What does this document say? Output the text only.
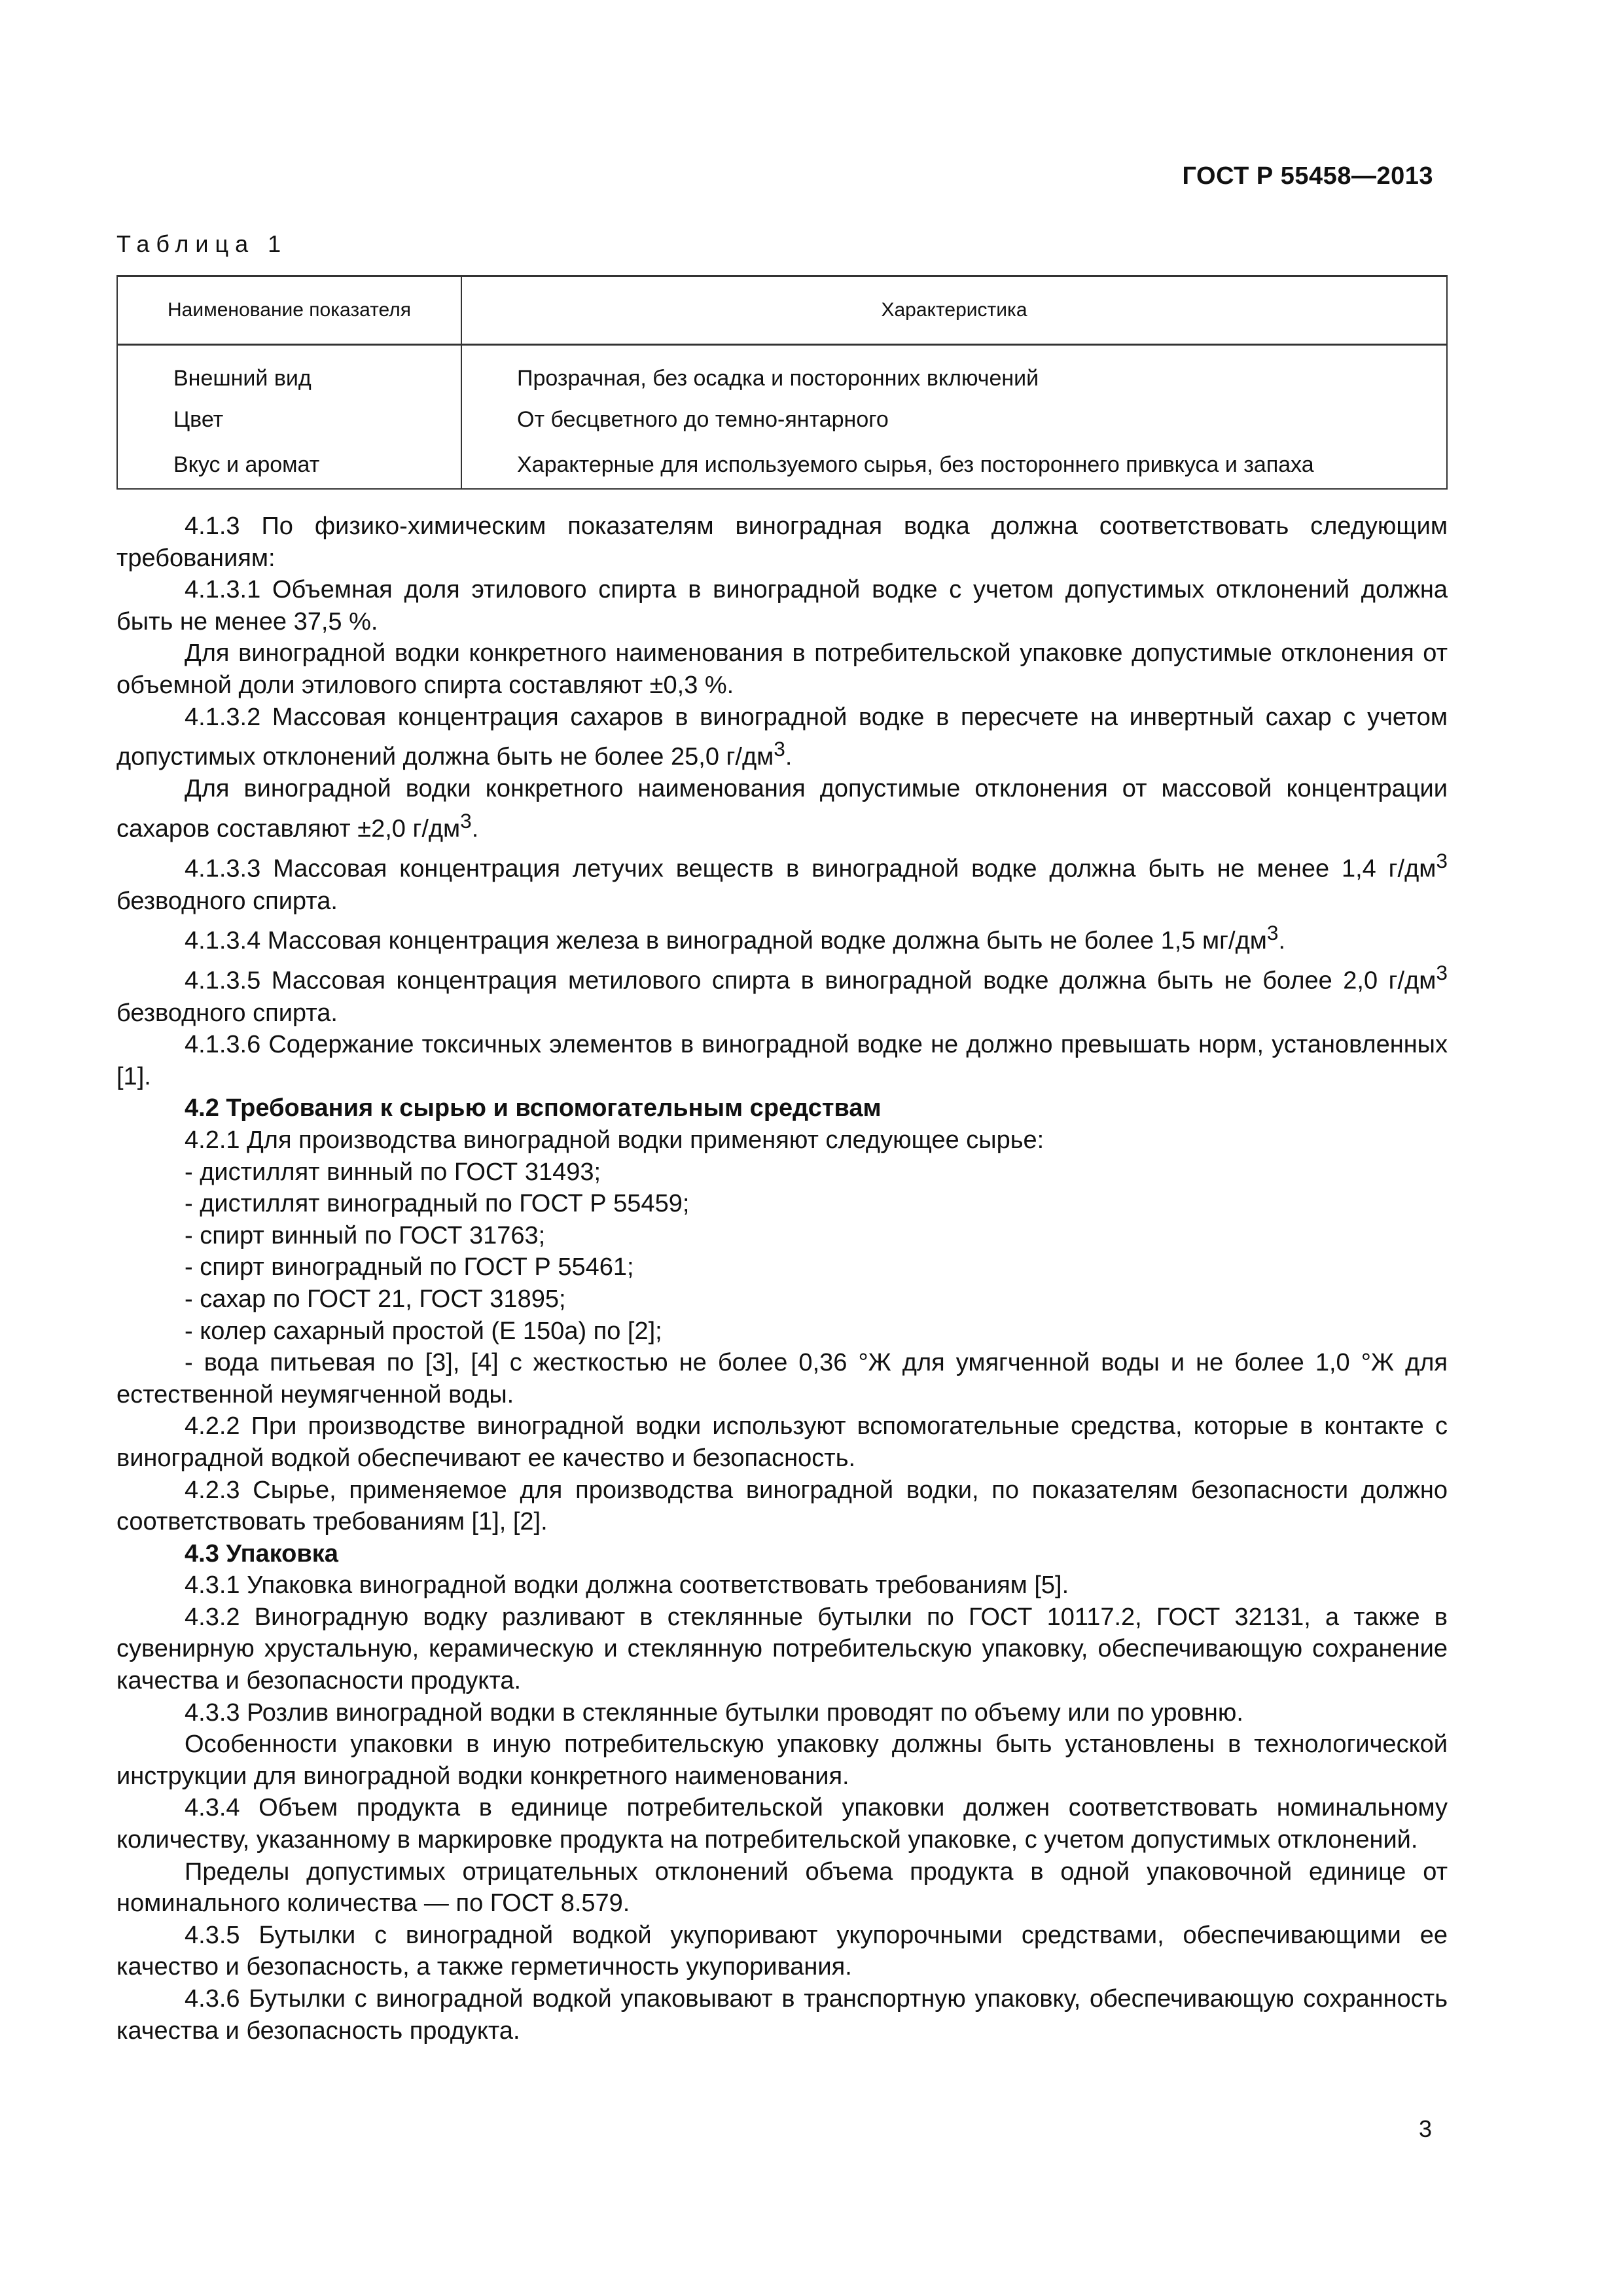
ГОСТ Р 55458—2013
Таблица 1
Наименование показателя	Характеристика
Внешний вид	Прозрачная, без осадка и посторонних включений
Цвет	От бесцветного до темно-янтарного
Вкус и аромат	Характерные для используемого сырья, без постороннего привкуса и запаха

4.1.3 По физико-химическим показателям виноградная водка должна соответствовать следующим требованиям:

4.1.3.1 Объемная доля этилового спирта в виноградной водке с учетом допустимых отклонений должна быть не менее 37,5 %.

Для виноградной водки конкретного наименования в потребительской упаковке допустимые отклонения от объемной доли этилового спирта составляют ±0,3 %.

4.1.3.2 Массовая концентрация сахаров в виноградной водке в пересчете на инвертный сахар с учетом допустимых отклонений должна быть не более 25,0 $г/дм^3$.

Для виноградной водки конкретного наименования допустимые отклонения от массовой концентрации сахаров составляют ±2,0 $г/дм^3$.

4.1.3.3 Массовая концентрация летучих веществ в виноградной водке должна быть не менее 1,4 $г/дм^3$ безводного спирта.

4.1.3.4 Массовая концентрация железа в виноградной водке должна быть не более 1,5 $мг/дм^3$.

4.1.3.5 Массовая концентрация метилового спирта в виноградной водке должна быть не более 2,0 $г/дм^3$ безводного спирта.

4.1.3.6 Содержание токсичных элементов в виноградной водке не должно превышать норм, установленных [1].

4.2 Требования к сырью и вспомогательным средствам

4.2.1 Для производства виноградной водки применяют следующее сырье:

- дистиллят винный по ГОСТ 31493;

- дистиллят виноградный по ГОСТ Р 55459;

- спирт винный по ГОСТ 31763;

- спирт виноградный по ГОСТ Р 55461;

- сахар по ГОСТ 21, ГОСТ 31895;

- колер сахарный простой (Е 150а) по [2];

- вода питьевая по [3], [4] с жесткостью не более 0,36 °Ж для умягченной воды и не более 1,0 °Ж для естественной неумягченной воды.

4.2.2 При производстве виноградной водки используют вспомогательные средства, которые в контакте с виноградной водкой обеспечивают ее качество и безопасность.

4.2.3 Сырье, применяемое для производства виноградной водки, по показателям безопасности должно соответствовать требованиям [1], [2].

4.3 Упаковка

4.3.1 Упаковка виноградной водки должна соответствовать требованиям [5].

4.3.2 Виноградную водку разливают в стеклянные бутылки по ГОСТ 10117.2, ГОСТ 32131, а также в сувенирную хрустальную, керамическую и стеклянную потребительскую упаковку, обеспечивающую сохранение качества и безопасности продукта.

4.3.3 Розлив виноградной водки в стеклянные бутылки проводят по объему или по уровню.

Особенности упаковки в иную потребительскую упаковку должны быть установлены в технологической инструкции для виноградной водки конкретного наименования.

4.3.4 Объем продукта в единице потребительской упаковки должен соответствовать номинальному количеству, указанному в маркировке продукта на потребительской упаковке, с учетом допустимых отклонений.

Пределы допустимых отрицательных отклонений объема продукта в одной упаковочной единице от номинального количества — по ГОСТ 8.579.

4.3.5 Бутылки с виноградной водкой укупоривают укупорочными средствами, обеспечивающими ее качество и безопасность, а также герметичность укупоривания.

4.3.6 Бутылки с виноградной водкой упаковывают в транспортную упаковку, обеспечивающую сохранность качества и безопасность продукта.

3
